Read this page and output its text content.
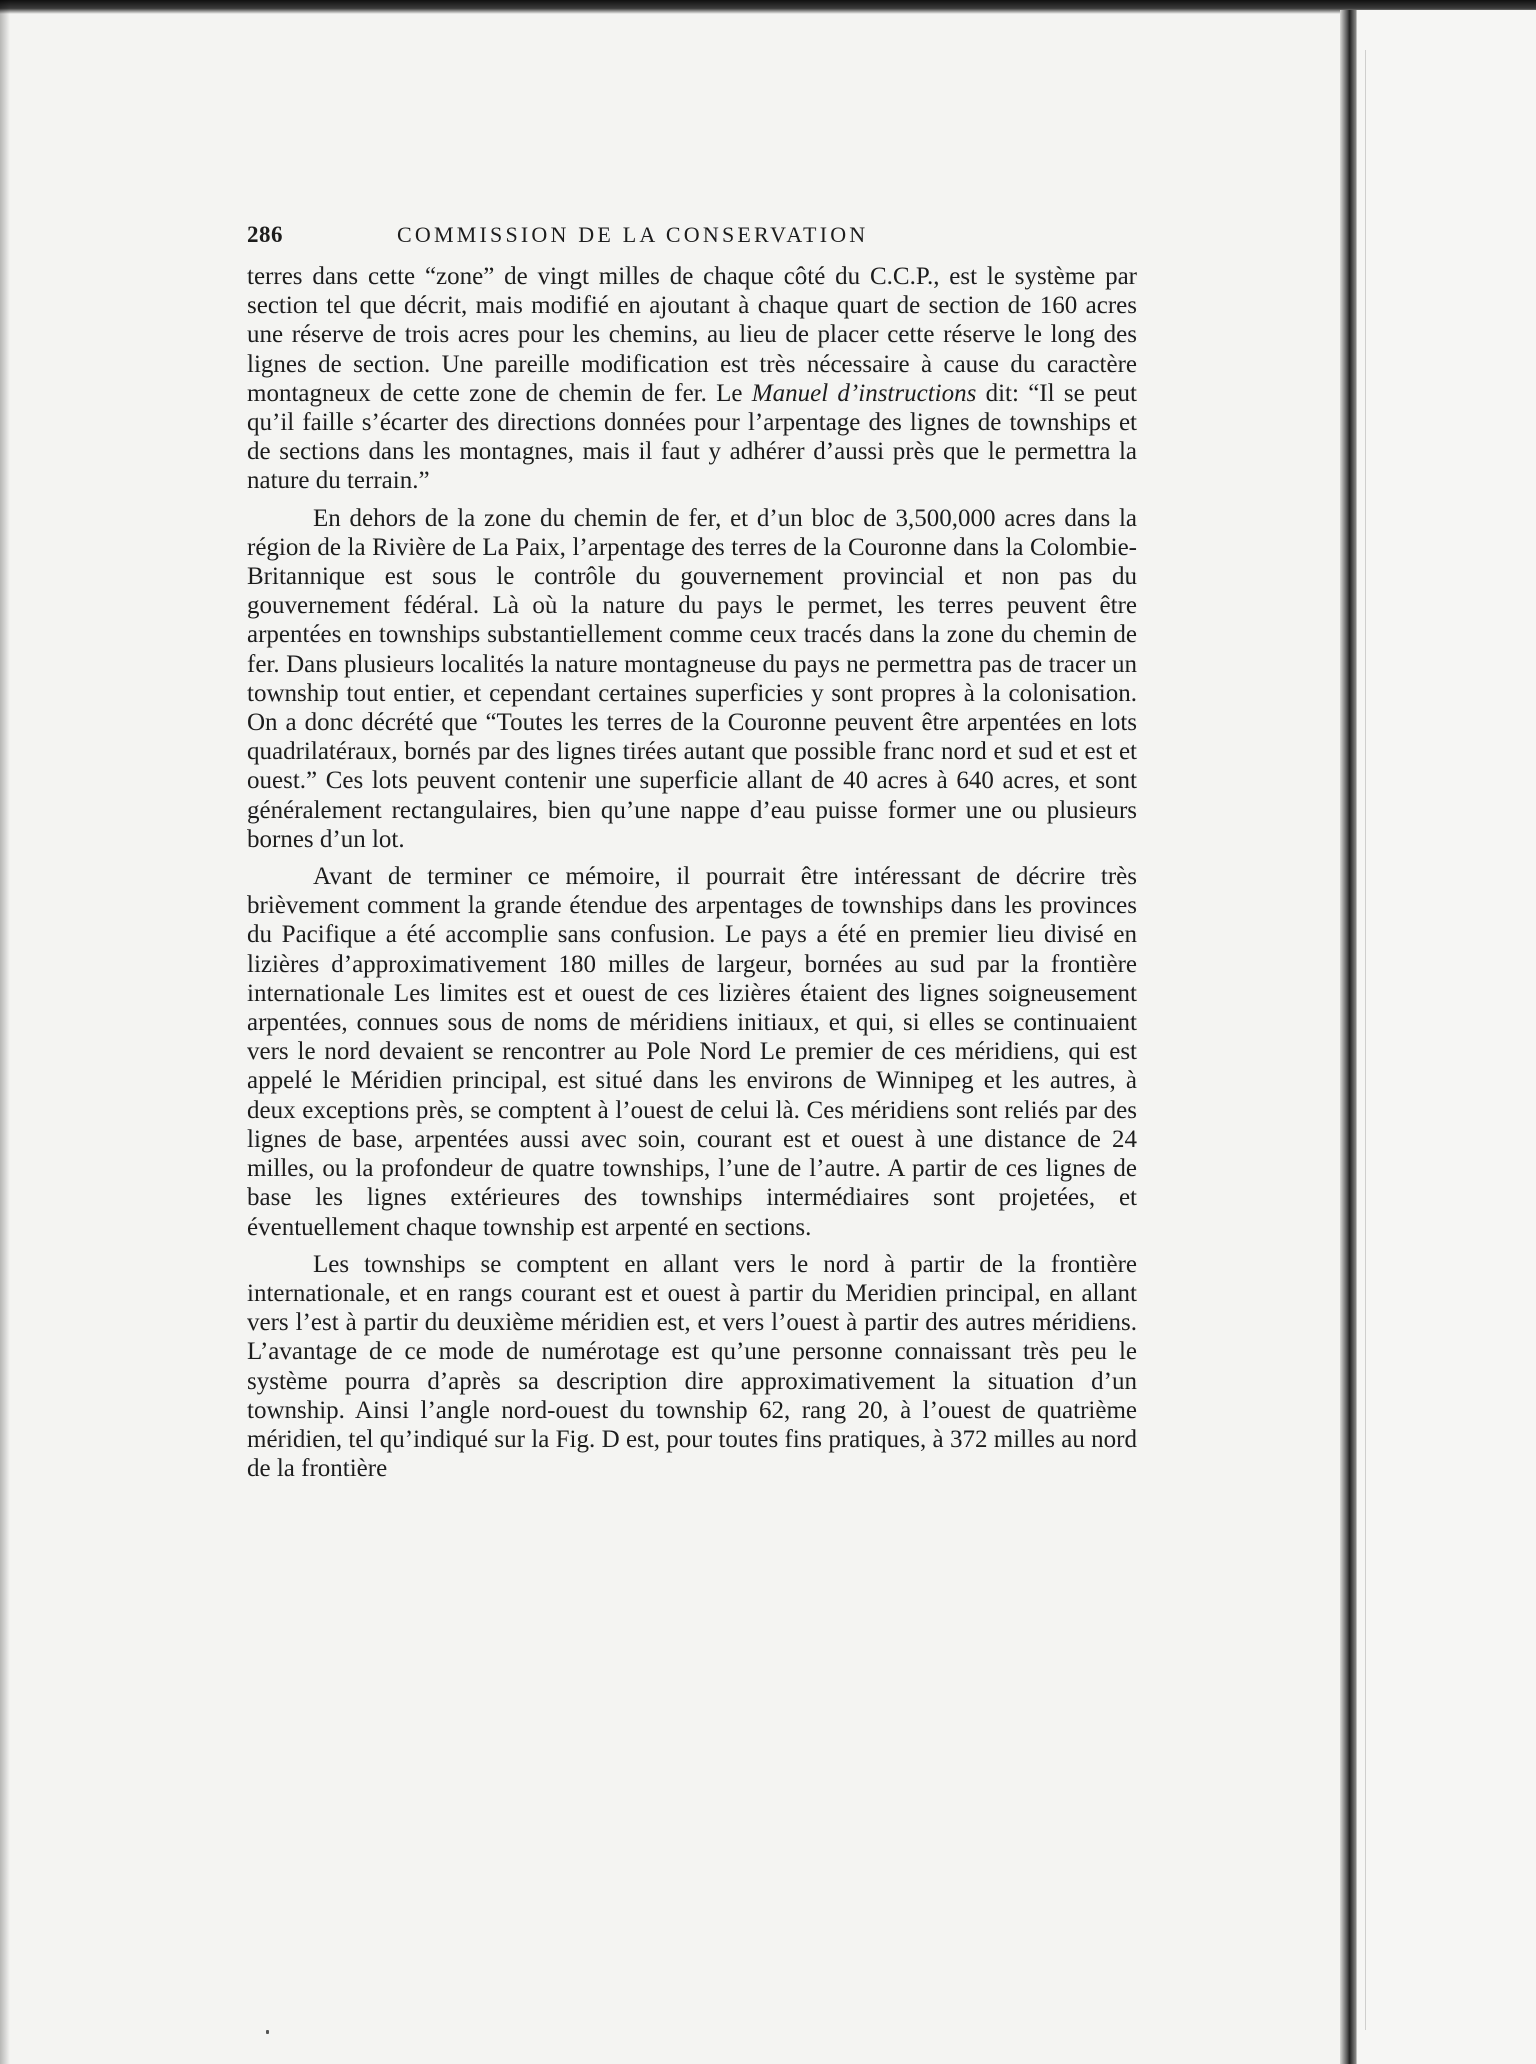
286	COMMISSION DE LA CONSERVATION

terres dans cette “zone” de vingt milles de chaque côté du C.C.P., est le système par section tel que décrit, mais modifié en ajoutant à chaque quart de section de 160 acres une réserve de trois acres pour les chemins, au lieu de placer cette réserve le long des lignes de section. Une pareille modification est très nécessaire à cause du caractère montagneux de cette zone de chemin de fer. Le Manuel d’instructions dit: “Il se peut qu’il faille s’écarter des directions données pour l’arpentage des lignes de townships et de sections dans les montagnes, mais il faut y adhérer d’aussi près que le permettra la nature du terrain.”

En dehors de la zone du chemin de fer, et d’un bloc de 3,500,000 acres dans la région de la Rivière de La Paix, l’arpentage des terres de la Couronne dans la Colombie-Britannique est sous le contrôle du gouvernement provincial et non pas du gouvernement fédéral. Là où la nature du pays le permet, les terres peuvent être arpentées en townships substantiellement comme ceux tracés dans la zone du chemin de fer. Dans plusieurs localités la nature montagneuse du pays ne permettra pas de tracer un township tout entier, et cependant certaines superficies y sont propres à la colonisation. On a donc décrété que “Toutes les terres de la Couronne peuvent être arpentées en lots quadrilatéraux, bornés par des lignes tirées autant que possible franc nord et sud et est et ouest.” Ces lots peuvent contenir une superficie allant de 40 acres à 640 acres, et sont généralement rectangulaires, bien qu’une nappe d’eau puisse former une ou plusieurs bornes d’un lot.

Avant de terminer ce mémoire, il pourrait être intéressant de décrire très brièvement comment la grande étendue des arpentages de townships dans les provinces du Pacifique a été accomplie sans confusion. Le pays a été en premier lieu divisé en lizières d’approximativement 180 milles de largeur, bornées au sud par la frontière internationale Les limites est et ouest de ces lizières étaient des lignes soigneusement arpentées, connues sous de noms de méridiens initiaux, et qui, si elles se continuaient vers le nord devaient se rencontrer au Pole Nord Le premier de ces méridiens, qui est appelé le Méridien principal, est situé dans les environs de Winnipeg et les autres, à deux exceptions près, se comptent à l’ouest de celui là. Ces méridiens sont reliés par des lignes de base, arpentées aussi avec soin, courant est et ouest à une distance de 24 milles, ou la profondeur de quatre townships, l’une de l’autre. A partir de ces lignes de base les lignes extérieures des townships intermédiaires sont projetées, et éventuellement chaque township est arpenté en sections.

Les townships se comptent en allant vers le nord à partir de la frontière internationale, et en rangs courant est et ouest à partir du Meridien principal, en allant vers l’est à partir du deuxième méridien est, et vers l’ouest à partir des autres méridiens. L’avantage de ce mode de numérotage est qu’une personne connaissant très peu le système pourra d’après sa description dire approximativement la situation d’un township. Ainsi l’angle nord-ouest du township 62, rang 20, à l’ouest de quatrième méridien, tel qu’indiqué sur la Fig. D est, pour toutes fins pratiques, à 372 milles au nord de la frontière
